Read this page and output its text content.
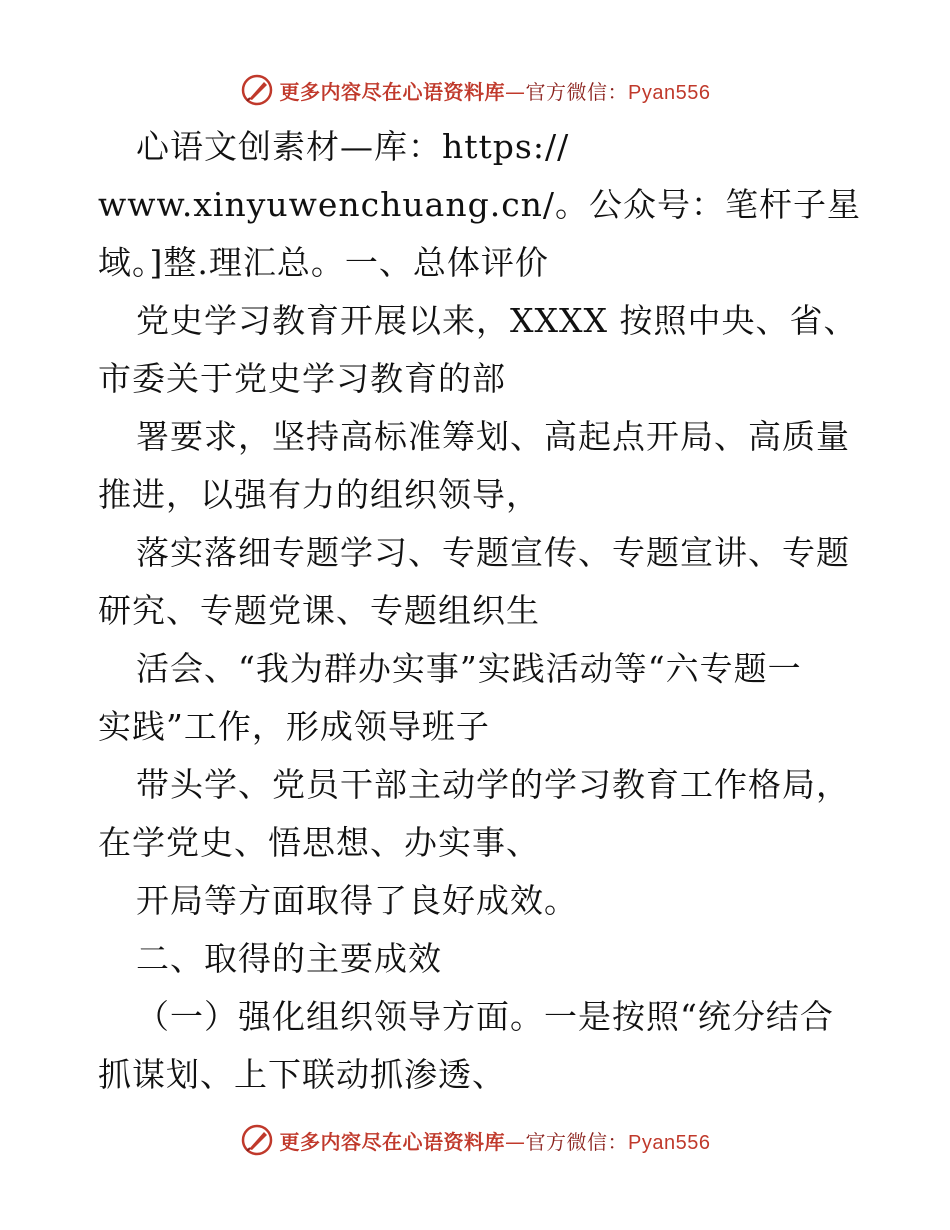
更多内容尽在心语资料库—官方微信：Pyan556

心语文创素材—库：https://

www.xinyuwenchuang.cn/。公众号：笔杆子星

域。]整.理汇总。一、总体评价

党史学习教育开展以来，XXXX 按照中央、省、

市委关于党史学习教育的部

署要求，坚持高标准筹划、高起点开局、高质量

推进，以强有力的组织领导，

落实落细专题学习、专题宣传、专题宣讲、专题

研究、专题党课、专题组织生

活会、“我为群办实事”实践活动等“六专题一

实践”工作，形成领导班子

带头学、党员干部主动学的学习教育工作格局，

在学党史、悟思想、办实事、

开局等方面取得了良好成效。

二、取得的主要成效

（一）强化组织领导方面。一是按照“统分结合

抓谋划、上下联动抓渗透、

更多内容尽在心语资料库—官方微信：Pyan556
